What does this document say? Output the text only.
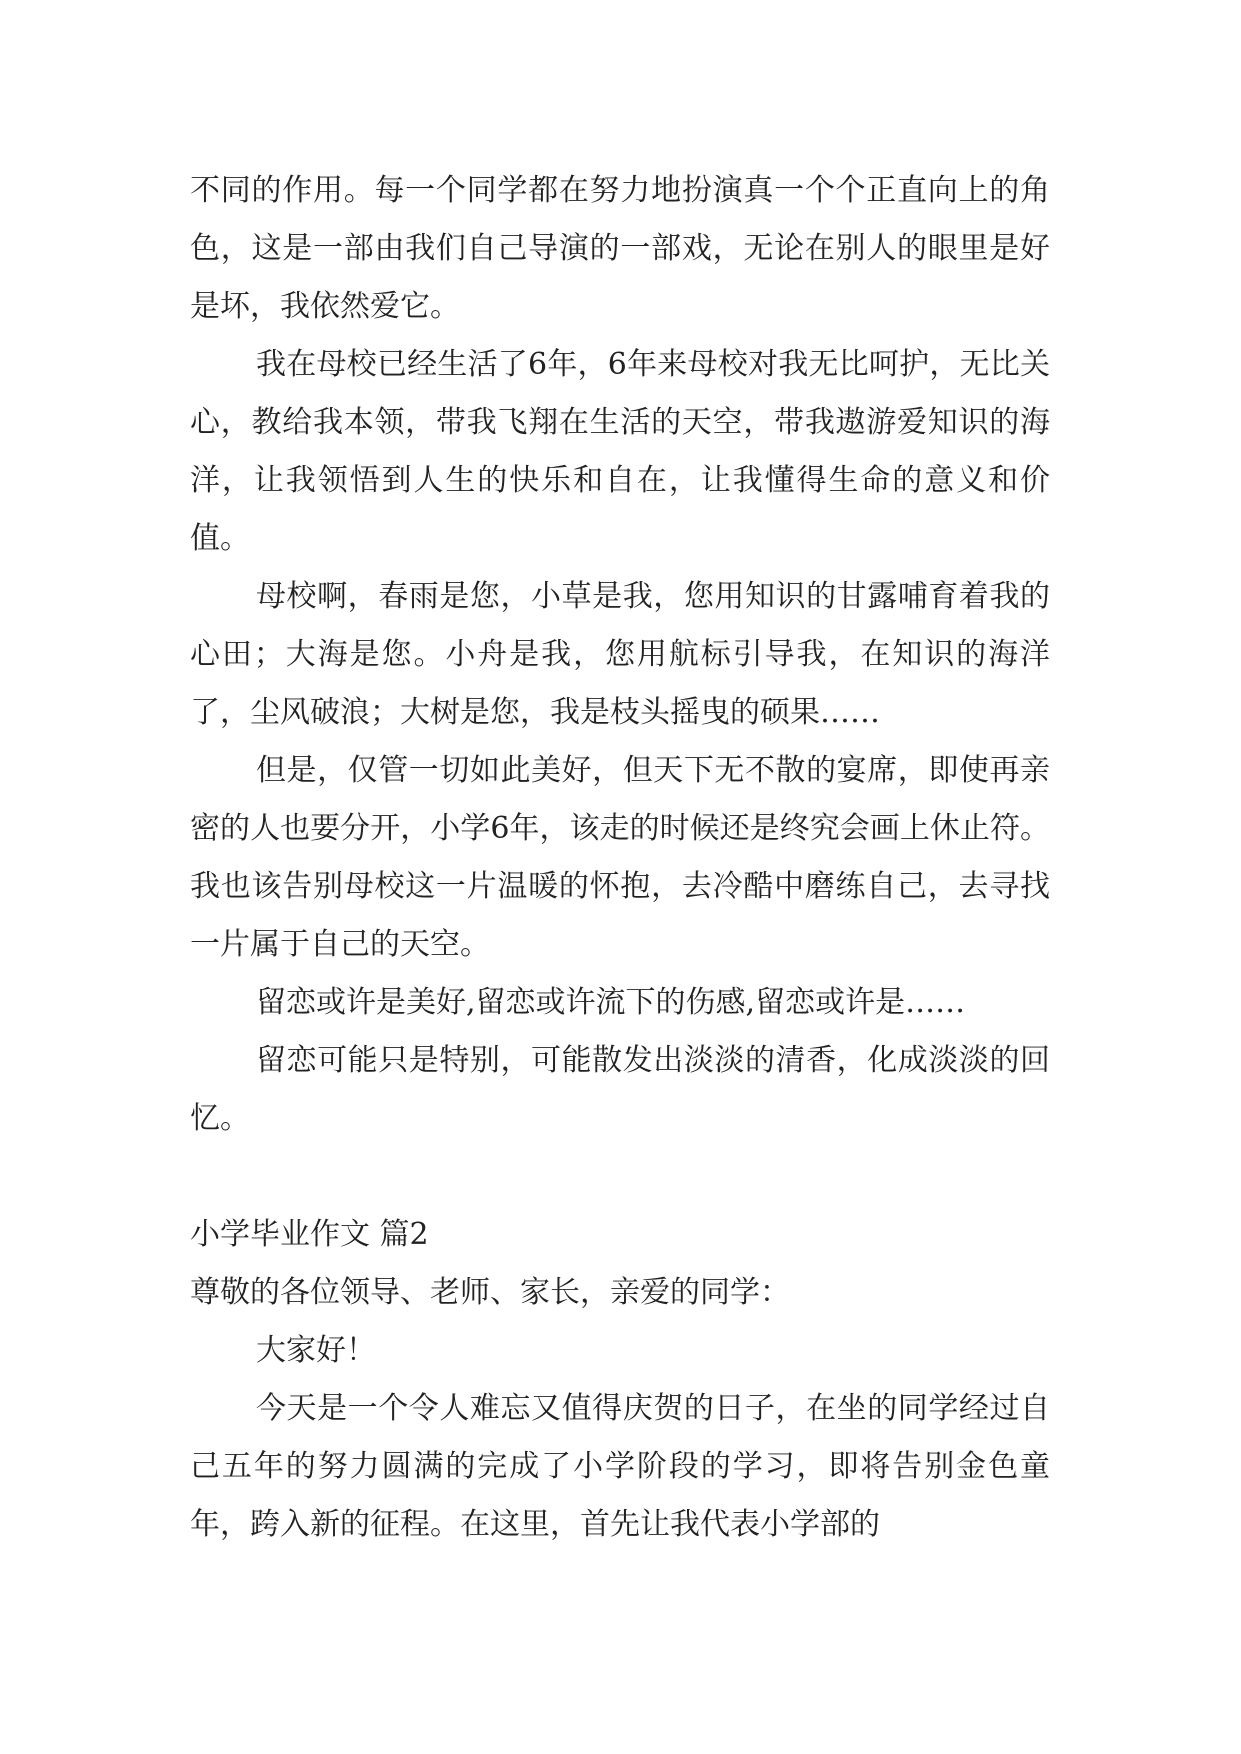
不同的作用。每一个同学都在努力地扮演真一个个正直向上的角色，这是一部由我们自己导演的一部戏，无论在别人的眼里是好是坏，我依然爱它。

我在母校已经生活了6年，6年来母校对我无比呵护，无比关心，教给我本领，带我飞翔在生活的天空，带我遨游爱知识的海洋，让我领悟到人生的快乐和自在，让我懂得生命的意义和价值。

母校啊，春雨是您，小草是我，您用知识的甘露哺育着我的心田；大海是您。小舟是我，您用航标引导我，在知识的海洋了，尘风破浪；大树是您，我是枝头摇曳的硕果……

但是，仅管一切如此美好，但天下无不散的宴席，即使再亲密的人也要分开，小学6年，该走的时候还是终究会画上休止符。我也该告别母校这一片温暖的怀抱，去冷酷中磨练自己，去寻找一片属于自己的天空。

留恋或许是美好,留恋或许流下的伤感,留恋或许是……

留恋可能只是特别，可能散发出淡淡的清香，化成淡淡的回忆。

小学毕业作文 篇2

尊敬的各位领导、老师、家长，亲爱的同学：

大家好！

今天是一个令人难忘又值得庆贺的日子，在坐的同学经过自己五年的努力圆满的完成了小学阶段的学习，即将告别金色童年，跨入新的征程。在这里，首先让我代表小学部的
